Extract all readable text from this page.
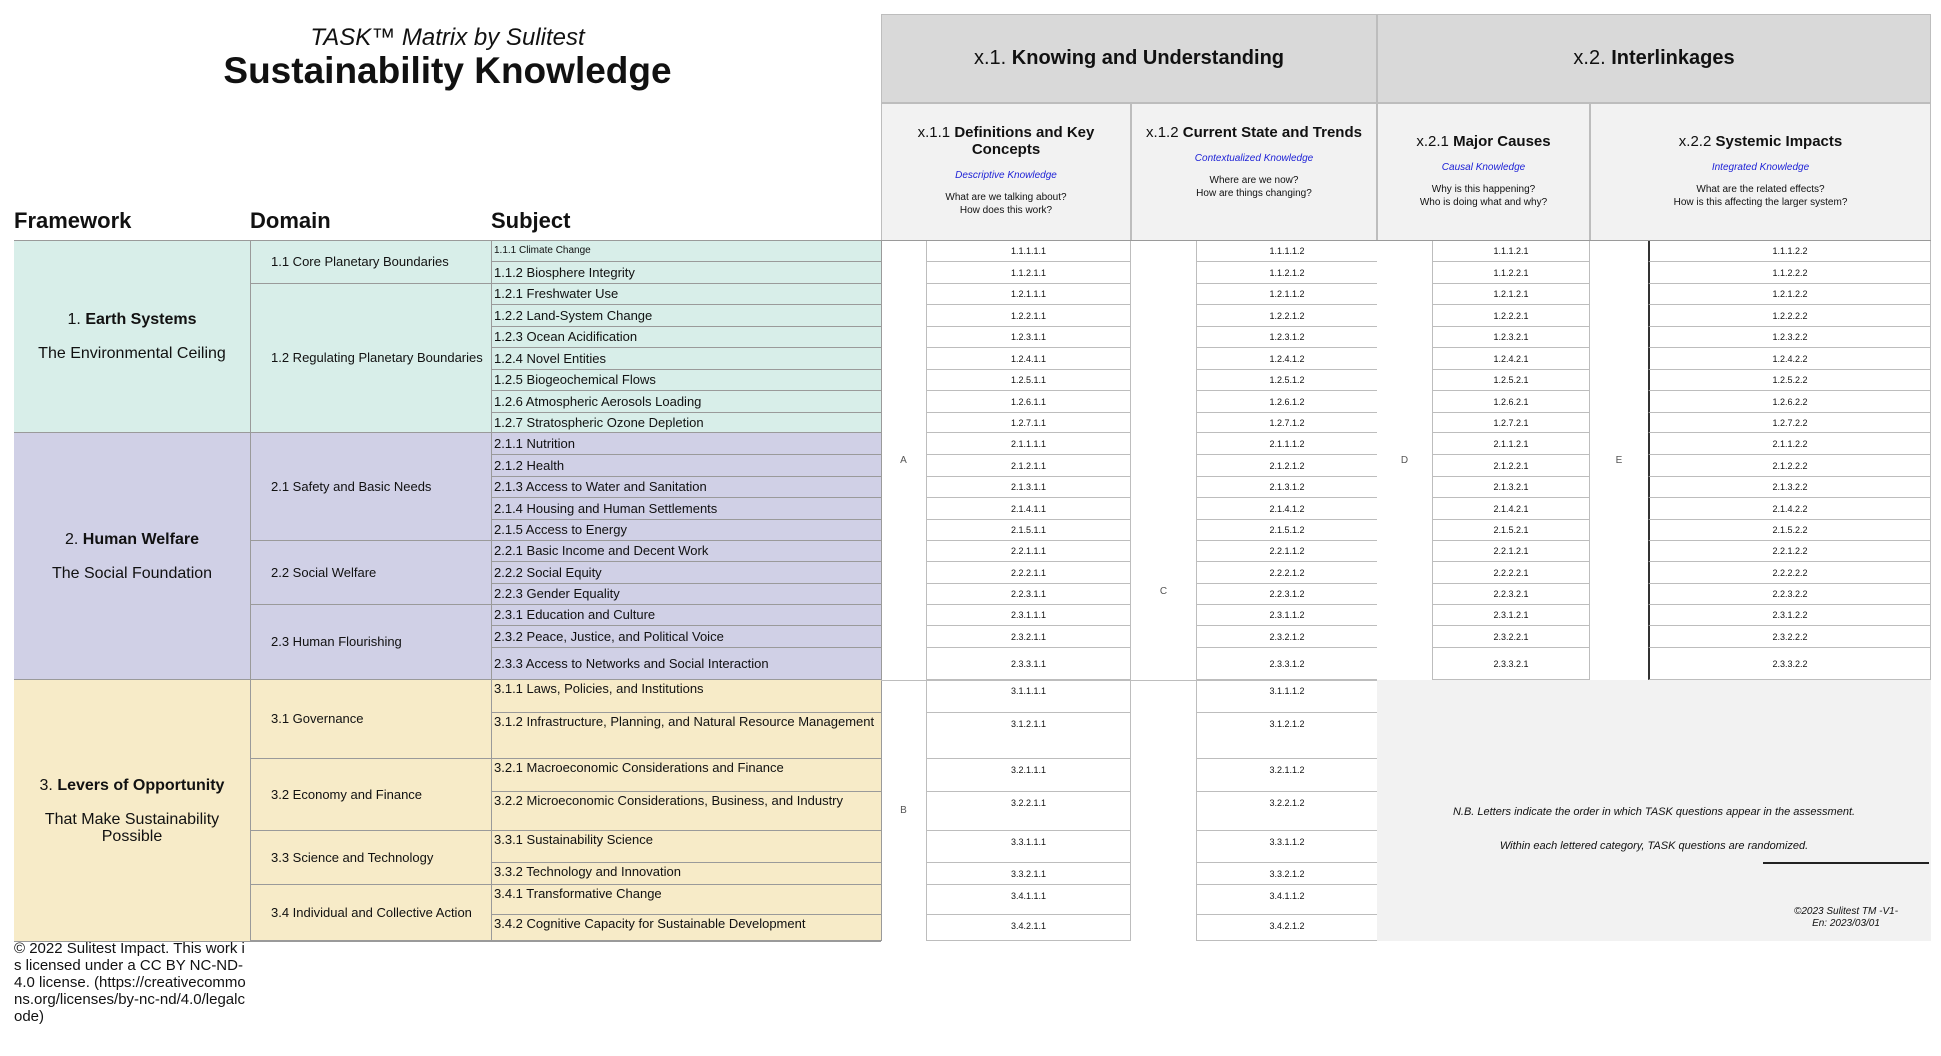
TASK™ Matrix by Sulitest
Sustainability Knowledge
Framework	Domain	Subject
x.1.
Knowing and Understanding	x.2.
Interlinkages
x.1.1 Definitions and Key Concepts
Descriptive Knowledge
What are we talking about?
How does this work?
x.1.2 Current State and Trends
Contextualized Knowledge
Where are we now?
How are things changing?
x.2.1 Major Causes
Causal Knowledge
Why is this happening?
Who is doing what and why?
x.2.2 Systemic Impacts
Integrated Knowledge
What are the related effects?
How is this affecting the larger system?
1. Earth Systems
The Environmental Ceiling
2. Human Welfare
The Social Foundation
3. Levers of Opportunity
That Make Sustainability Possible
1.1 Core Planetary Boundaries
1.2 Regulating Planetary Boundaries
2.1 Safety and Basic Needs
2.2 Social Welfare
2.3 Human Flourishing
3.1 Governance
3.2 Economy and Finance
3.3 Science and Technology
3.4 Individual and Collective Action
1.1.1 Climate Change	1.1.1.1.1	1.1.1.1.2	1.1.1.2.1	1.1.1.2.2
1.1.2 Biosphere Integrity	1.1.2.1.1	1.1.2.1.2	1.1.2.2.1	1.1.2.2.2
1.2.1 Freshwater Use	1.2.1.1.1	1.2.1.1.2	1.2.1.2.1	1.2.1.2.2
1.2.2 Land-System Change	1.2.2.1.1	1.2.2.1.2	1.2.2.2.1	1.2.2.2.2
1.2.3 Ocean Acidification	1.2.3.1.1	1.2.3.1.2	1.2.3.2.1	1.2.3.2.2
1.2.4 Novel Entities	1.2.4.1.1	1.2.4.1.2	1.2.4.2.1	1.2.4.2.2
1.2.5 Biogeochemical Flows	1.2.5.1.1	1.2.5.1.2	1.2.5.2.1	1.2.5.2.2
1.2.6 Atmospheric Aerosols Loading	1.2.6.1.1	1.2.6.1.2	1.2.6.2.1	1.2.6.2.2
1.2.7 Stratospheric Ozone Depletion	1.2.7.1.1	1.2.7.1.2	1.2.7.2.1	1.2.7.2.2
2.1.1 Nutrition	2.1.1.1.1	2.1.1.1.2	2.1.1.2.1	2.1.1.2.2
2.1.2 Health	2.1.2.1.1	2.1.2.1.2	2.1.2.2.1	2.1.2.2.2
2.1.3 Access to Water and Sanitation	2.1.3.1.1	2.1.3.1.2	2.1.3.2.1	2.1.3.2.2
2.1.4 Housing and Human Settlements	2.1.4.1.1	2.1.4.1.2	2.1.4.2.1	2.1.4.2.2
2.1.5 Access to Energy	2.1.5.1.1	2.1.5.1.2	2.1.5.2.1	2.1.5.2.2
2.2.1 Basic Income and Decent Work	2.2.1.1.1	2.2.1.1.2	2.2.1.2.1	2.2.1.2.2
2.2.2 Social Equity	2.2.2.1.1	2.2.2.1.2	2.2.2.2.1	2.2.2.2.2
2.2.3 Gender Equality	2.2.3.1.1	2.2.3.1.2	2.2.3.2.1	2.2.3.2.2
2.3.1 Education and Culture	2.3.1.1.1	2.3.1.1.2	2.3.1.2.1	2.3.1.2.2
2.3.2 Peace, Justice, and Political Voice	2.3.2.1.1	2.3.2.1.2	2.3.2.2.1	2.3.2.2.2
2.3.3 Access to Networks and Social Interaction	2.3.3.1.1	2.3.3.1.2	2.3.3.2.1	2.3.3.2.2
3.1.1 Laws, Policies, and Institutions	3.1.1.1.1	3.1.1.1.2
3.1.2 Infrastructure, Planning, and Natural Resource Management	3.1.2.1.1	3.1.2.1.2
3.2.1 Macroeconomic Considerations and Finance	3.2.1.1.1	3.2.1.1.2
3.2.2 Microeconomic Considerations, Business, and Industry	3.2.2.1.1	3.2.2.1.2
3.3.1 Sustainability Science	3.3.1.1.1	3.3.1.1.2
3.3.2 Technology and Innovation	3.3.2.1.1	3.3.2.1.2
3.4.1 Transformative Change	3.4.1.1.1	3.4.1.1.2
3.4.2 Cognitive Capacity for Sustainable Development	3.4.2.1.1	3.4.2.1.2
A
B
C
D	E
N.B. Letters indicate the order in which TASK questions appear in the assessment.
Within each lettered category, TASK questions are randomized.
©2023 Sulitest TM -V1-
En: 2023/03/01
© 2022 Sulitest Impact. This work is licensed under a CC BY NC-ND-4.0 license. (https://creativecommons.org/licenses/by-nc-nd/4.0/legalcode)
